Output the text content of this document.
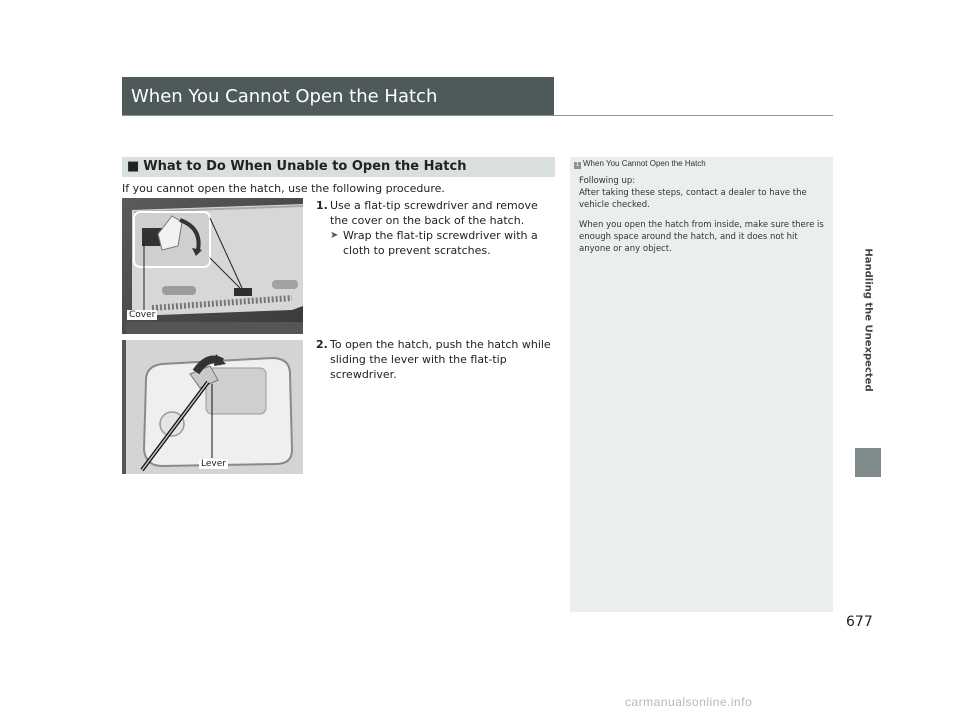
When You Cannot Open the Hatch
■ What to Do When Unable to Open the Hatch
If you cannot open the hatch, use the following procedure.
Cover
Lever
1. Use a flat-tip screwdriver and remove the cover on the back of the hatch.
➤ Wrap the flat-tip screwdriver with a cloth to prevent scratches.
2. To open the hatch, push the hatch while sliding the lever with the flat-tip screwdriver.
1 When You Cannot Open the Hatch

Following up:
After taking these steps, contact a dealer to have the vehicle checked.

When you open the hatch from inside, make sure there is enough space around the hatch, and it does not hit anyone or any object.	Handling the Unexpected
677
carmanualsonline.info
